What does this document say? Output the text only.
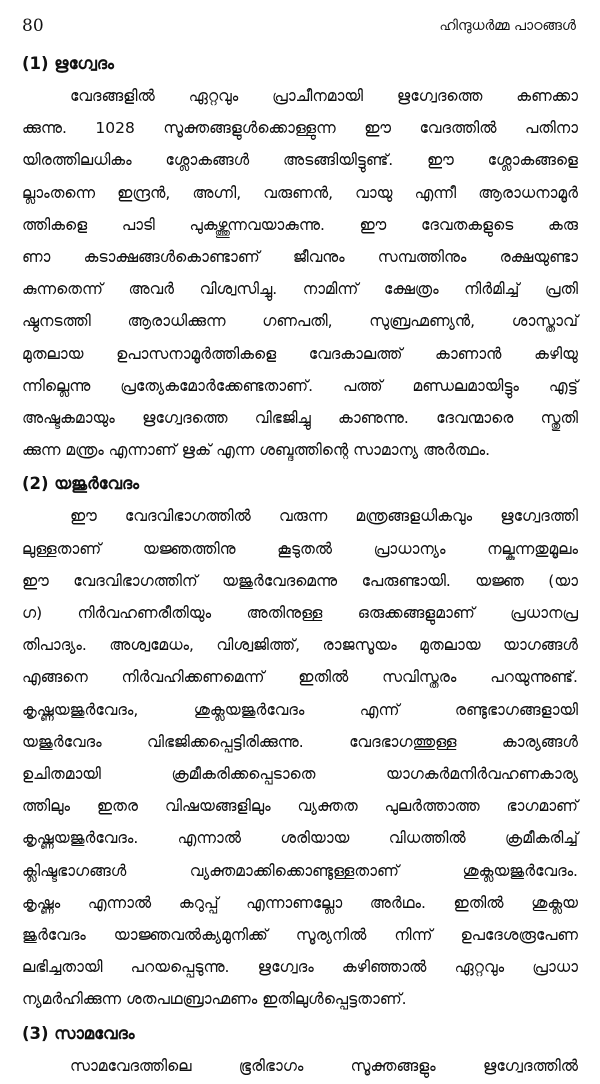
80	ഹിന്ദുധർമ്മ പാഠങ്ങൾ
(1) ഋഗ്വേദം
വേദങ്ങളിൽ ഏറ്റവും പ്രാചീനമായി ഋഗ്വേദത്തെ കണക്കാ
ക്കുന്നു. 1028 സൂക്തങ്ങളുൾക്കൊള്ളുന്ന ഈ വേദത്തിൽ പതിനാ
യിരത്തിലധികം ശ്ലോകങ്ങൾ അടങ്ങിയിട്ടുണ്ട്. ഈ ശ്ലോകങ്ങളെ
ല്ലാംതന്നെ ഇന്ദ്രൻ, അഗ്നി, വരുണൻ, വായു എന്നീ ആരാധനാമൂർ
ത്തികളെ പാടി പുകഴ്ത്തുന്നവയാകുന്നു. ഈ ദേവതകളുടെ കരു
ണാ കടാക്ഷങ്ങൾകൊണ്ടാണ് ജീവനും സമ്പത്തിനും രക്ഷയുണ്ടാ
കുന്നതെന്ന് അവർ വിശ്വസിച്ചു. നാമിന്ന് ക്ഷേത്രം നിർമിച്ച് പ്രതി
ഷ്ഠനടത്തി ആരാധിക്കുന്ന ഗണപതി, സുബ്രഹ്മണ്യൻ, ശാസ്താവ്
മുതലായ ഉപാസനാമൂർത്തികളെ വേദകാലത്ത് കാണാൻ കഴിയു
ന്നില്ലെന്നു പ്രത്യേകമോർക്കേണ്ടതാണ്. പത്ത് മണ്ഡലമായിട്ടും എട്ട്
അഷ്ടകമായും ഋഗ്വേദത്തെ വിഭജിച്ചു കാണുന്നു. ദേവന്മാരെ സ്തുതി
ക്കുന്ന മന്ത്രം എന്നാണ് ഋക് എന്ന ശബ്ദത്തിന്റെ സാമാന്യ അർത്ഥം.
(2) യജുർവേദം
ഈ വേദവിഭാഗത്തിൽ വരുന്ന മന്ത്രങ്ങളധികവും ഋഗ്വേദത്തി
ലുള്ളതാണ് യജ്ഞത്തിനു കൂടുതൽ പ്രാധാന്യം നല്കുന്നതുമൂലം
ഈ വേദവിഭാഗത്തിന് യജുർവേദമെന്നു പേരുണ്ടായി. യജ്ഞ (യാ
ഗ) നിർവഹണരീതിയും അതിനുള്ള ഒരുക്കങ്ങളുമാണ് പ്രധാനപ്ര
തിപാദ്യം. അശ്വമേധം, വിശ്വജിത്ത്, രാജസൂയം മുതലായ യാഗങ്ങൾ
എങ്ങനെ നിർവഹിക്കണമെന്ന് ഇതിൽ സവിസ്തരം പറയുന്നുണ്ട്.
കൃഷ്ണയജുർവേദം, ശുക്ലയജുർവേദം എന്ന് രണ്ടുഭാഗങ്ങളായി
യജുർവേദം വിഭജിക്കപ്പെട്ടിരിക്കുന്നു. വേദഭാഗത്തുള്ള കാര്യങ്ങൾ
ഉചിതമായി ക്രമീകരിക്കപ്പെടാതെ യാഗകർമനിർവഹണകാര്യ
ത്തിലും ഇതര വിഷയങ്ങളിലും വ്യക്തത പുലർത്താത്ത ഭാഗമാണ്
കൃഷ്ണയജുർവേദം. എന്നാൽ ശരിയായ വിധത്തിൽ ക്രമീകരിച്ച്
ക്ലിഷ്ടഭാഗങ്ങൾ വ്യക്തമാക്കിക്കൊണ്ടുള്ളതാണ് ശുക്ലയജുർവേദം.
കൃഷ്ണം എന്നാൽ കറുപ്പ് എന്നാണല്ലോ അർഥം. ഇതിൽ ശുക്ലയ
ജുർവേദം യാജ്ഞവൽക്യമുനിക്ക് സൂര്യനിൽ നിന്ന് ഉപദേശരൂപേണ
ലഭിച്ചതായി പറയപ്പെടുന്നു. ഋഗ്വേദം കഴിഞ്ഞാൽ ഏറ്റവും പ്രാധാ
ന്യമർഹിക്കുന്ന ശതപഥബ്രാഹ്മണം ഇതിലുൾപ്പെട്ടതാണ്.
(3) സാമവേദം
സാമവേദത്തിലെ ഭൂരിഭാഗം സൂക്തങ്ങളും ഋഗ്വേദത്തിൽ
